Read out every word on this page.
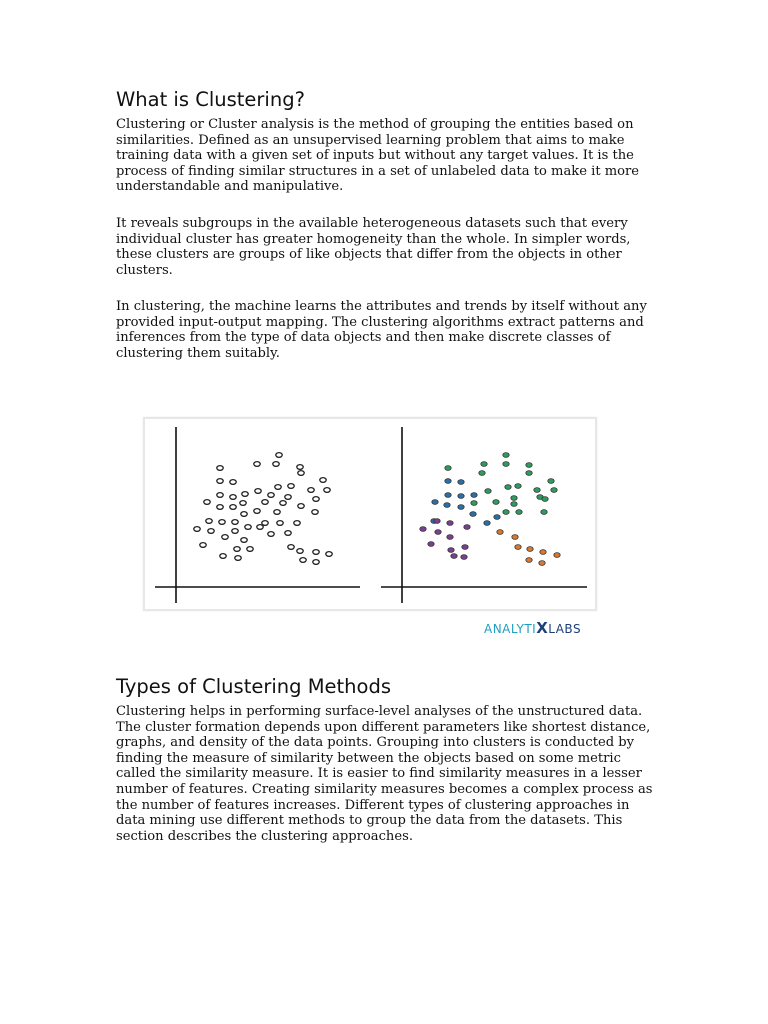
What is Clustering?

Clustering or Cluster analysis is the method of grouping the entities based on similarities. Defined as an unsupervised learning problem that aims to make training data with a given set of inputs but without any target values. It is the process of finding similar structures in a set of unlabeled data to make it more understandable and manipulative.

It reveals subgroups in the available heterogeneous datasets such that every individual cluster has greater homogeneity than the whole. In simpler words, these clusters are groups of like objects that differ from the objects in other clusters.

In clustering, the machine learns the attributes and trends by itself without any provided input-output mapping. The clustering algorithms extract patterns and inferences from the type of data objects and then make discrete classes of clustering them suitably.

ANALYTIXLABS
Types of Clustering Methods

Clustering helps in performing surface-level analyses of the unstructured data. The cluster formation depends upon different parameters like shortest distance, graphs, and density of the data points. Grouping into clusters is conducted by finding the measure of similarity between the objects based on some metric called the similarity measure. It is easier to find similarity measures in a lesser number of features. Creating similarity measures becomes a complex process as the number of features increases. Different types of clustering approaches in data mining use different methods to group the data from the datasets. This section describes the clustering approaches.
